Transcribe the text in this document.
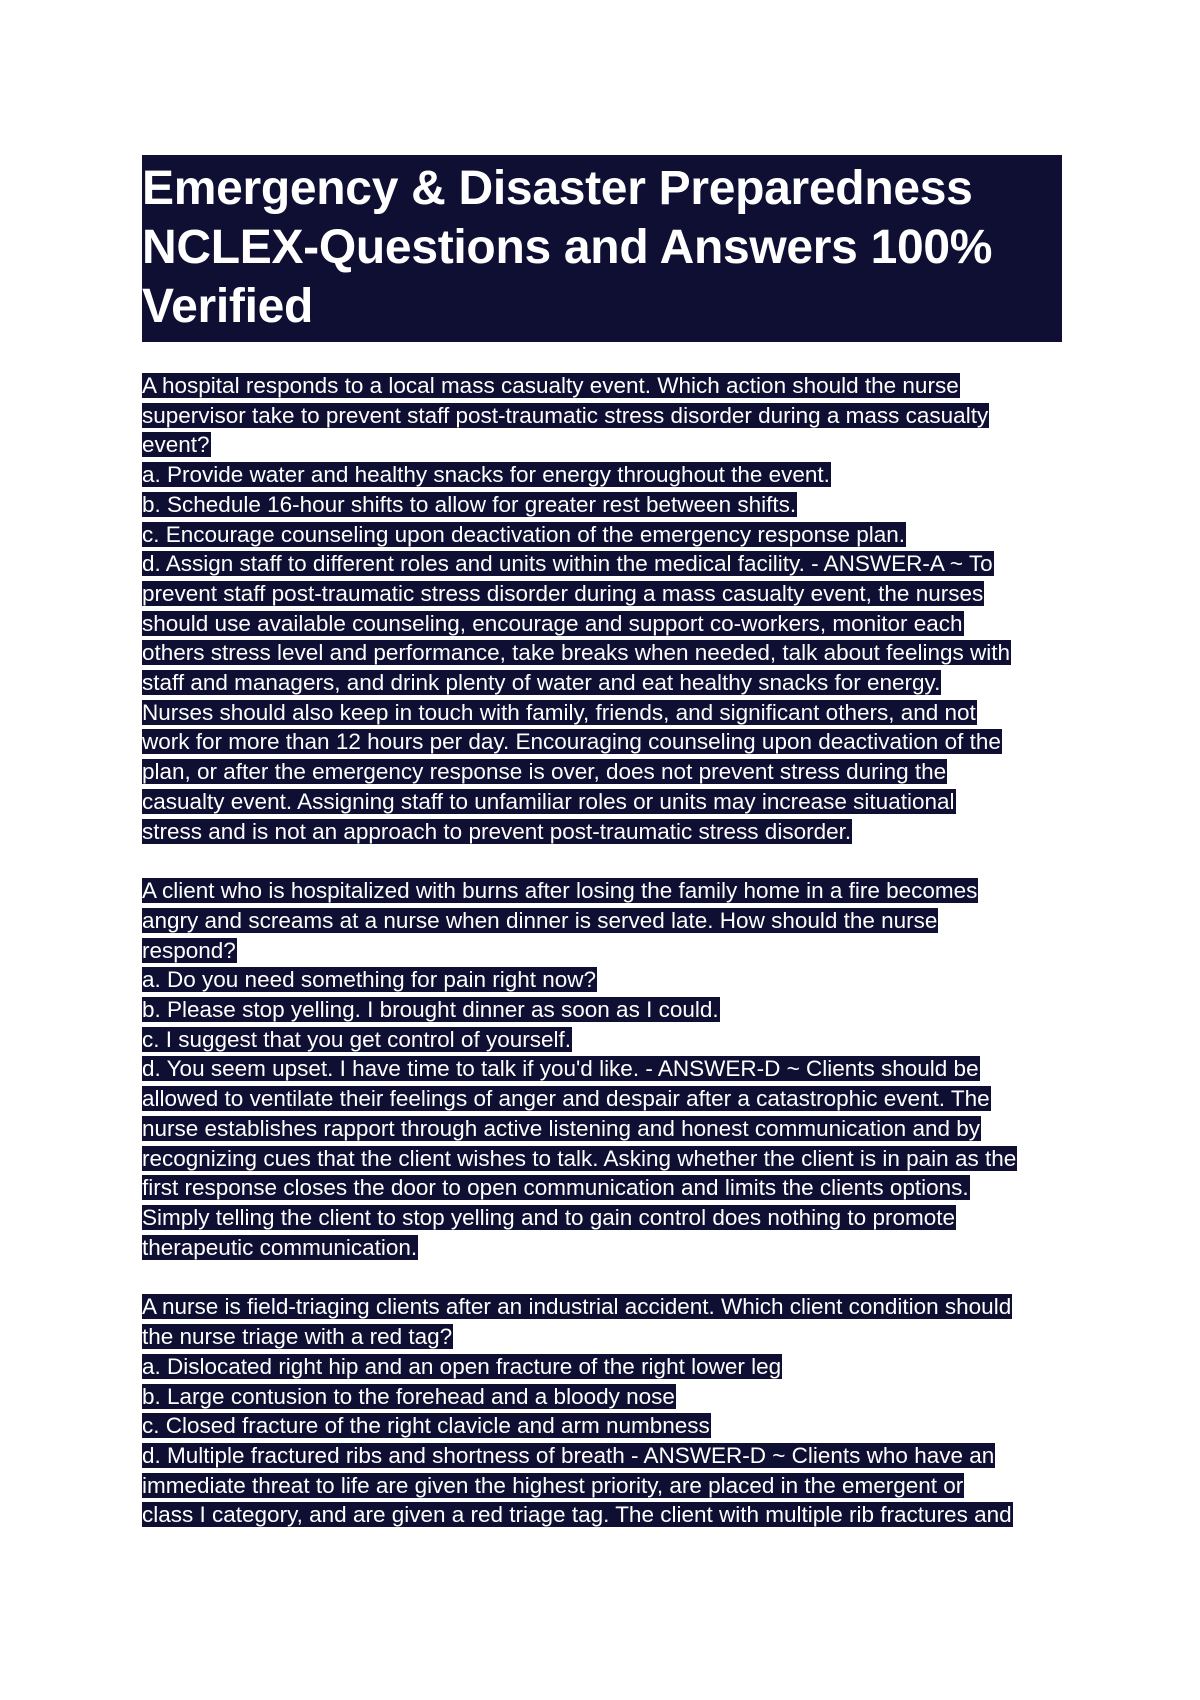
Emergency & Disaster Preparedness
NCLEX-Questions and Answers 100%
Verified
A hospital responds to a local mass casualty event. Which action should the nurse
supervisor take to prevent staff post-traumatic stress disorder during a mass casualty
event?
a. Provide water and healthy snacks for energy throughout the event.
b. Schedule 16-hour shifts to allow for greater rest between shifts.
c. Encourage counseling upon deactivation of the emergency response plan.
d. Assign staff to different roles and units within the medical facility. - ANSWER-A ~ To
prevent staff post-traumatic stress disorder during a mass casualty event, the nurses
should use available counseling, encourage and support co-workers, monitor each
others stress level and performance, take breaks when needed, talk about feelings with
staff and managers, and drink plenty of water and eat healthy snacks for energy.
Nurses should also keep in touch with family, friends, and significant others, and not
work for more than 12 hours per day. Encouraging counseling upon deactivation of the
plan, or after the emergency response is over, does not prevent stress during the
casualty event. Assigning staff to unfamiliar roles or units may increase situational
stress and is not an approach to prevent post-traumatic stress disorder.
A client who is hospitalized with burns after losing the family home in a fire becomes
angry and screams at a nurse when dinner is served late. How should the nurse
respond?
a. Do you need something for pain right now?
b. Please stop yelling. I brought dinner as soon as I could.
c. I suggest that you get control of yourself.
d. You seem upset. I have time to talk if you'd like. - ANSWER-D ~ Clients should be
allowed to ventilate their feelings of anger and despair after a catastrophic event. The
nurse establishes rapport through active listening and honest communication and by
recognizing cues that the client wishes to talk. Asking whether the client is in pain as the
first response closes the door to open communication and limits the clients options.
Simply telling the client to stop yelling and to gain control does nothing to promote
therapeutic communication.
A nurse is field-triaging clients after an industrial accident. Which client condition should
the nurse triage with a red tag?
a. Dislocated right hip and an open fracture of the right lower leg
b. Large contusion to the forehead and a bloody nose
c. Closed fracture of the right clavicle and arm numbness
d. Multiple fractured ribs and shortness of breath - ANSWER-D ~ Clients who have an
immediate threat to life are given the highest priority, are placed in the emergent or
class I category, and are given a red triage tag. The client with multiple rib fractures and
